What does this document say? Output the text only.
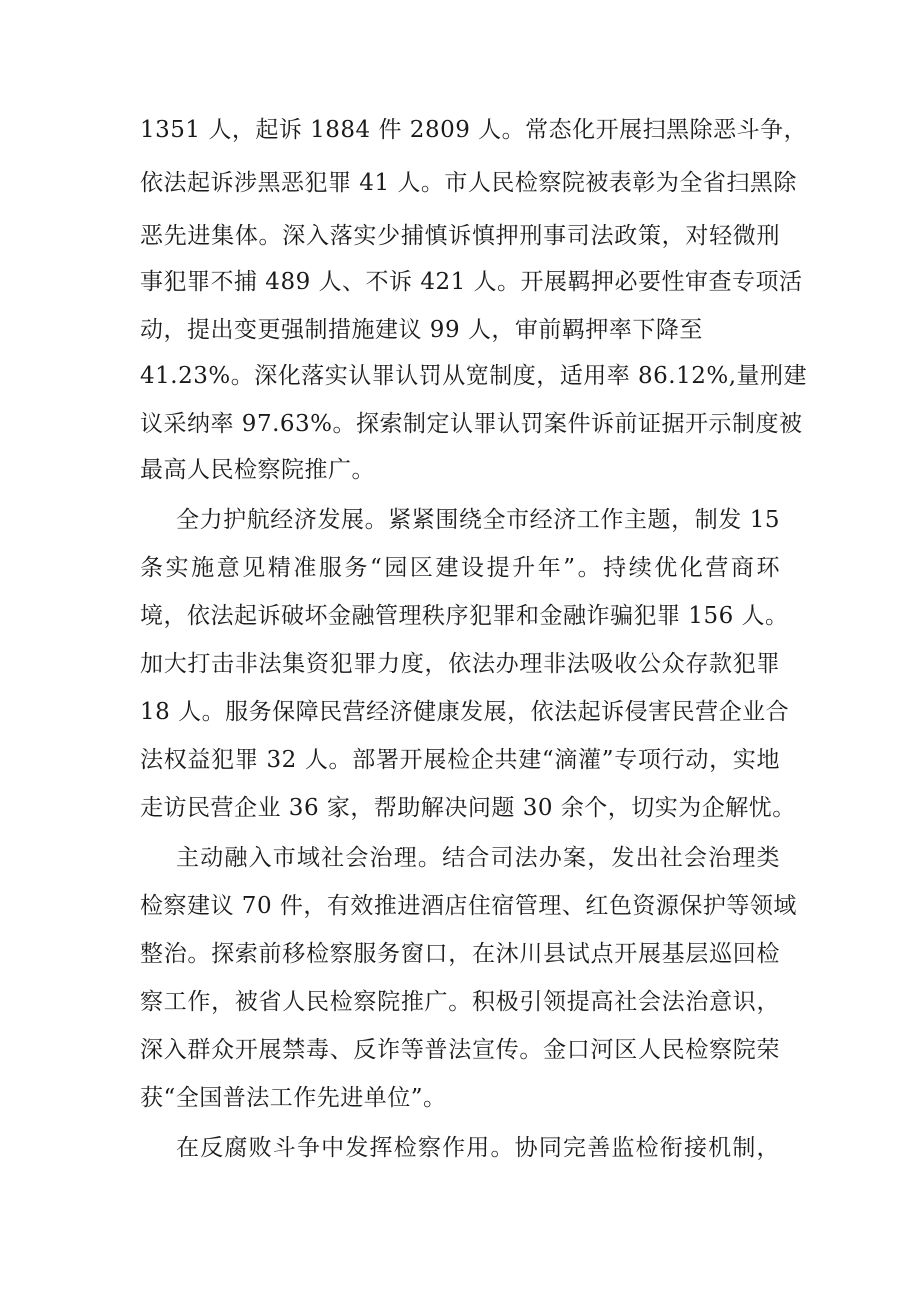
1351 人，起诉 1884 件 2809 人。常态化开展扫黑除恶斗争，
依法起诉涉黑恶犯罪 41 人。市人民检察院被表彰为全省扫黑除
恶先进集体。深入落实少捕慎诉慎押刑事司法政策，对轻微刑
事犯罪不捕 489 人、不诉 421 人。开展羁押必要性审查专项活
动，提出变更强制措施建议 99 人，审前羁押率下降至
41.23%。深化落实认罪认罚从宽制度，适用率 86.12%,量刑建
议采纳率 97.63%。探索制定认罪认罚案件诉前证据开示制度被
最高人民检察院推广。
全力护航经济发展。紧紧围绕全市经济工作主题，制发 15
条实施意见精准服务“园区建设提升年”。持续优化营商环
境，依法起诉破坏金融管理秩序犯罪和金融诈骗犯罪 156 人。
加大打击非法集资犯罪力度，依法办理非法吸收公众存款犯罪
18 人。服务保障民营经济健康发展，依法起诉侵害民营企业合
法权益犯罪 32 人。部署开展检企共建“滴灌”专项行动，实地
走访民营企业 36 家，帮助解决问题 30 余个，切实为企解忧。
主动融入市域社会治理。结合司法办案，发出社会治理类
检察建议 70 件，有效推进酒店住宿管理、红色资源保护等领域
整治。探索前移检察服务窗口，在沐川县试点开展基层巡回检
察工作，被省人民检察院推广。积极引领提高社会法治意识，
深入群众开展禁毒、反诈等普法宣传。金口河区人民检察院荣
获“全国普法工作先进单位”。
在反腐败斗争中发挥检察作用。协同完善监检衔接机制，
